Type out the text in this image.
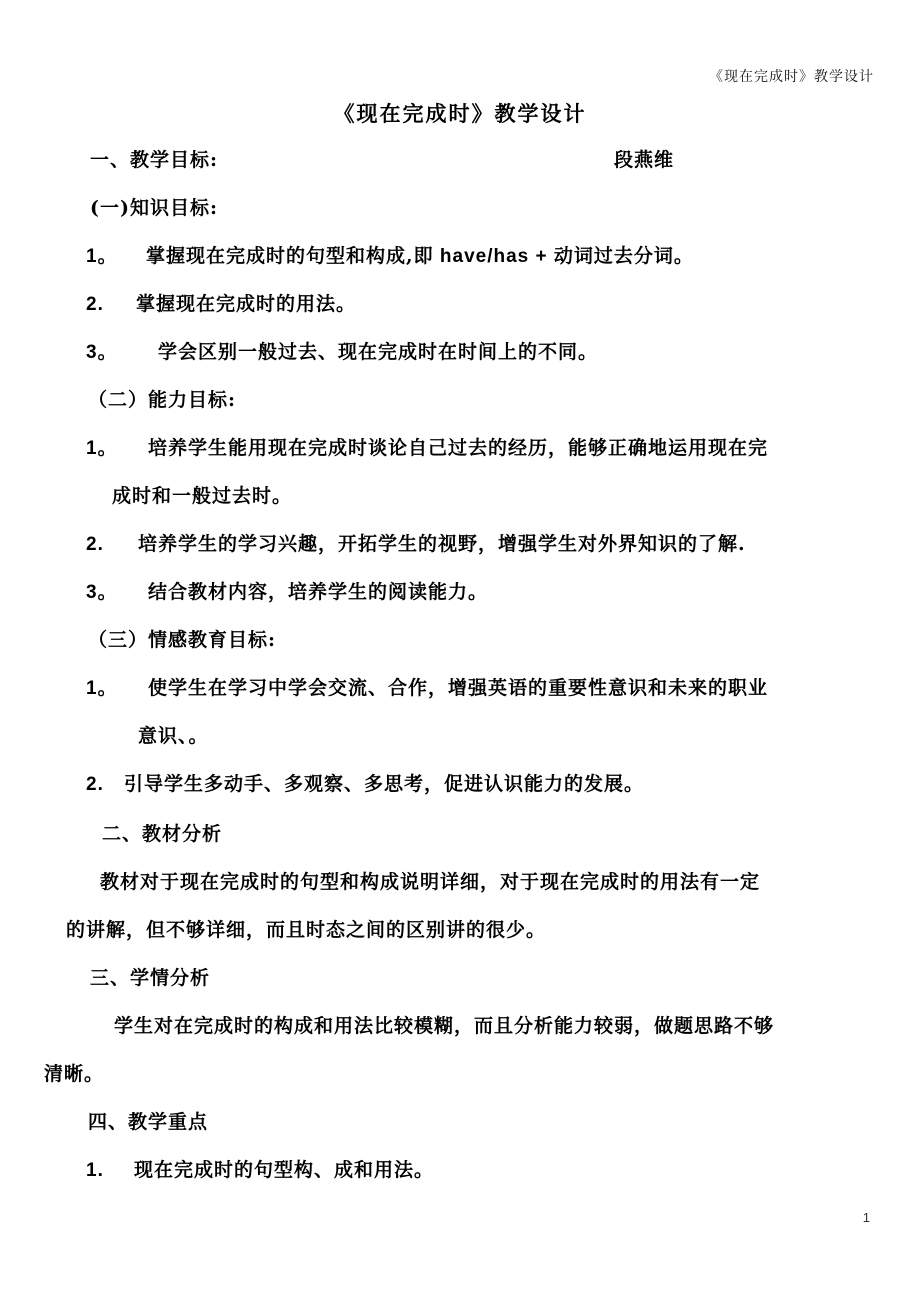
《现在完成时》教学设计
《现在完成时》教学设计
一、教学目标:	段燕维
(一)知识目标:
1。 掌握现在完成时的句型和构成,即 have/has + 动词过去分词。
2. 掌握现在完成时的用法。
3。 学会区别一般过去、现在完成时在时间上的不同。
（二）能力目标:
1。 培养学生能用现在完成时谈论自己过去的经历，能够正确地运用现在完
成时和一般过去时。
2. 培养学生的学习兴趣，开拓学生的视野，增强学生对外界知识的了解.
3。 结合教材内容，培养学生的阅读能力。
（三）情感教育目标:
1。 使学生在学习中学会交流、合作，增强英语的重要性意识和未来的职业
意识、。
2. 引导学生多动手、多观察、多思考，促进认识能力的发展。
二、教材分析
教材对于现在完成时的句型和构成说明详细，对于现在完成时的用法有一定
的讲解，但不够详细，而且时态之间的区别讲的很少。
三、学情分析
学生对在完成时的构成和用法比较模糊，而且分析能力较弱，做题思路不够
清晰。
四、教学重点
1. 现在完成时的句型构、成和用法。
1
